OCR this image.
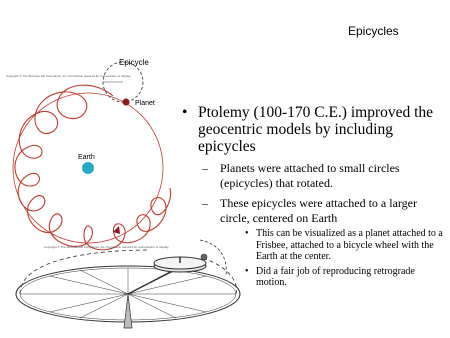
Epicycles
Copyright © The McGraw-Hill Companies, Inc. Permission required for reproduction or display.
Epicycle
Planet
Earth
Copyright © The McGraw-Hill Companies, Inc. Permission required for reproduction or display.
• Ptolemy (100-170 C.E.) improved the geocentric models by including epicycles
– Planets were attached to small circles (epicycles) that rotated.
– These epicycles were attached to a larger circle, centered on Earth
• This can be visualized as a planet attached to a Frisbee, attached to a bicycle wheel with the Earth at the center.
• Did a fair job of reproducing retrograde motion.
